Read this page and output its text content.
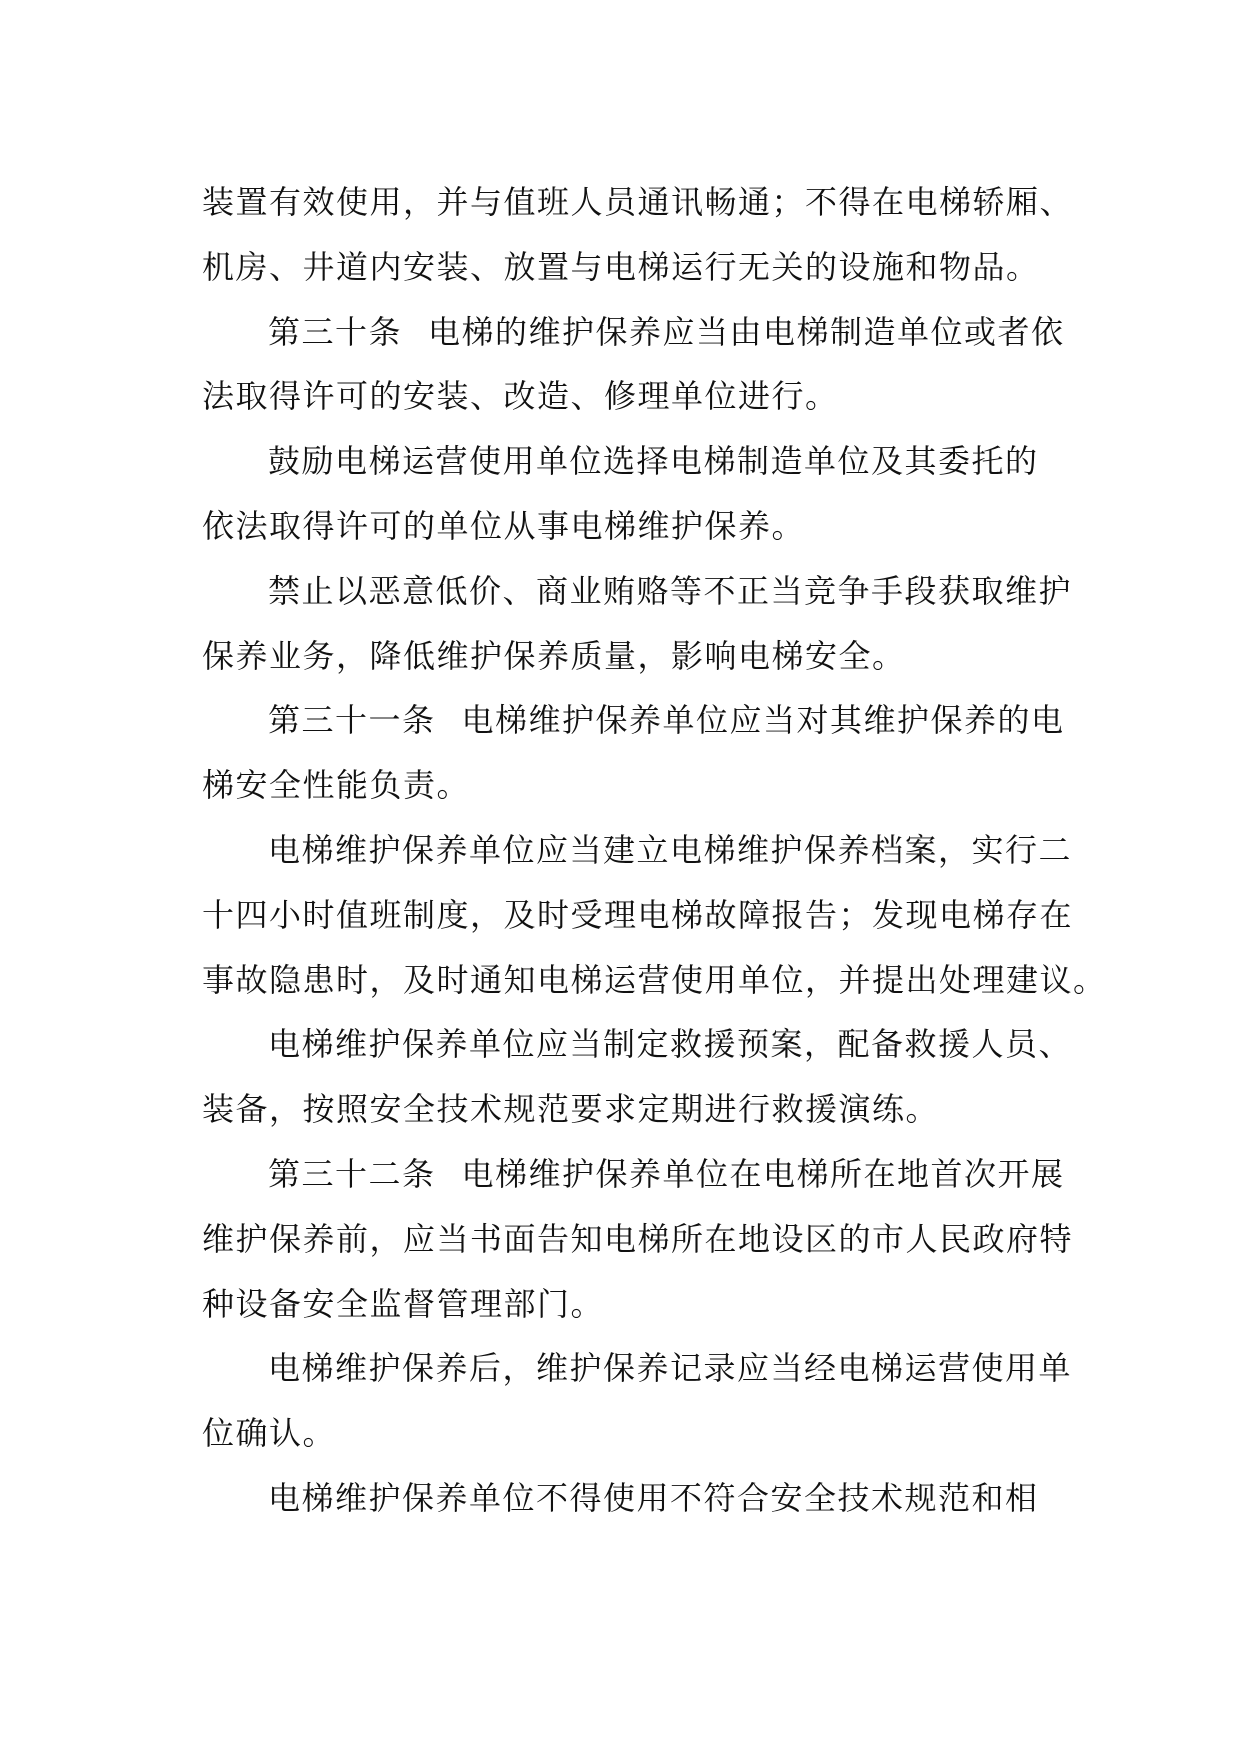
装置有效使用，并与值班人员通讯畅通；不得在电梯轿厢、
机房、井道内安装、放置与电梯运行无关的设施和物品。
第三十条 电梯的维护保养应当由电梯制造单位或者依
法取得许可的安装、改造、修理单位进行。
鼓励电梯运营使用单位选择电梯制造单位及其委托的
依法取得许可的单位从事电梯维护保养。
禁止以恶意低价、商业贿赂等不正当竞争手段获取维护
保养业务，降低维护保养质量，影响电梯安全。
第三十一条 电梯维护保养单位应当对其维护保养的电
梯安全性能负责。
电梯维护保养单位应当建立电梯维护保养档案，实行二
十四小时值班制度，及时受理电梯故障报告；发现电梯存在
事故隐患时，及时通知电梯运营使用单位，并提出处理建议。
电梯维护保养单位应当制定救援预案，配备救援人员、
装备，按照安全技术规范要求定期进行救援演练。
第三十二条 电梯维护保养单位在电梯所在地首次开展
维护保养前，应当书面告知电梯所在地设区的市人民政府特
种设备安全监督管理部门。
电梯维护保养后，维护保养记录应当经电梯运营使用单
位确认。
电梯维护保养单位不得使用不符合安全技术规范和相
